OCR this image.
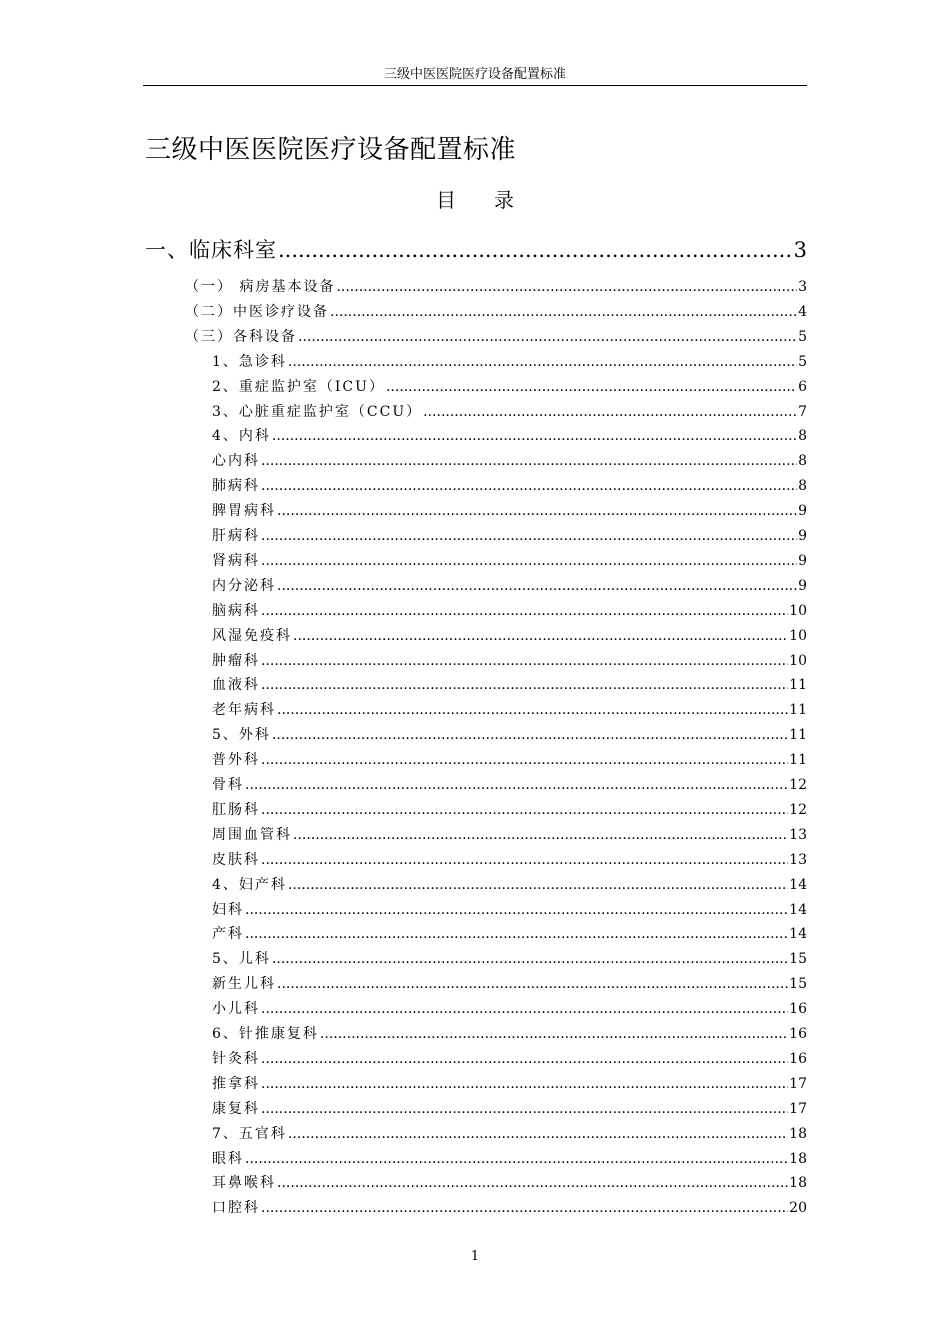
三级中医医院医疗设备配置标准
三级中医医院医疗设备配置标准
目录
一、临床科室 .....	3
（一） 病房基本设备 .....	3
（二）中医诊疗设备 .....	4
（三）各科设备 .....	5
1、急诊科 .....	5
2、重症监护室（ICU） .....	6
3、心脏重症监护室（CCU） .....	7
4、内科 .....	8
心内科 .....	8
肺病科 .....	8
脾胃病科 .....	9
肝病科 .....	9
肾病科 .....	9
内分泌科 .....	9
脑病科 .....	10
风湿免疫科 .....	10
肿瘤科 .....	10
血液科 .....	11
老年病科 .....	11
5、外科 .....	11
普外科 .....	11
骨科 .....	12
肛肠科 .....	12
周围血管科 .....	13
皮肤科 .....	13
4、妇产科 .....	14
妇科 .....	14
产科 .....	14
5、儿科 .....	15
新生儿科 .....	15
小儿科 .....	16
6、针推康复科 .....	16
针灸科 .....	16
推拿科 .....	17
康复科 .....	17
7、五官科 .....	18
眼科 .....	18
耳鼻喉科 .....	18
口腔科 .....	20
1
